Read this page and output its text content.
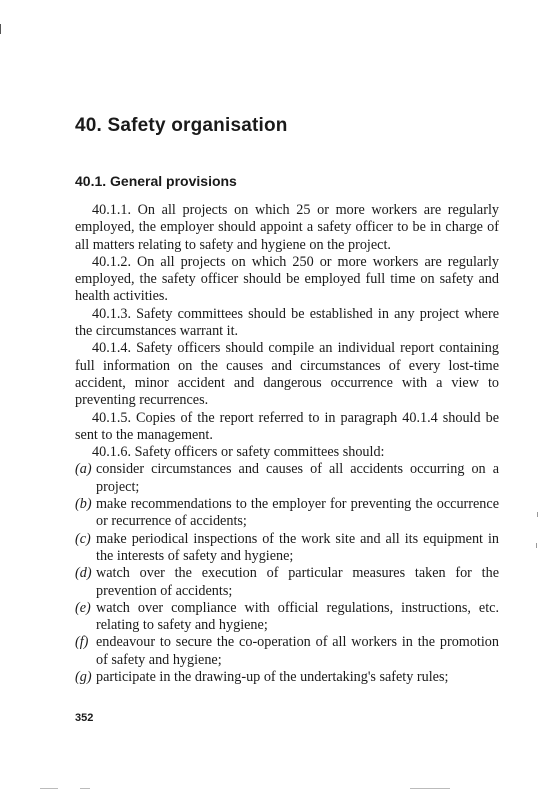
40. Safety organisation
40.1. General provisions

40.1.1. On all projects on which 25 or more workers are regularly employed, the employer should appoint a safety officer to be in charge of all matters relating to safety and hygiene on the project.

40.1.2. On all projects on which 250 or more workers are regularly employed, the safety officer should be employed full time on safety and health activities.

40.1.3. Safety committees should be established in any project where the circumstances warrant it.

40.1.4. Safety officers should compile an individual report containing full information on the causes and circumstances of every lost-time accident, minor accident and dangerous occurrence with a view to preventing recurrences.

40.1.5. Copies of the report referred to in paragraph 40.1.4 should be sent to the management.

40.1.6. Safety officers or safety committees should:

(a) consider circumstances and causes of all accidents occurring on a project;
(b) make recommendations to the employer for preventing the occurrence or recurrence of accidents;
(c) make periodical inspections of the work site and all its equipment in the interests of safety and hygiene;
(d) watch over the execution of particular measures taken for the prevention of accidents;
(e) watch over compliance with official regulations, instructions, etc. relating to safety and hygiene;
(f) endeavour to secure the co-operation of all workers in the promotion of safety and hygiene;
(g) participate in the drawing-up of the undertaking's safety rules;

352
